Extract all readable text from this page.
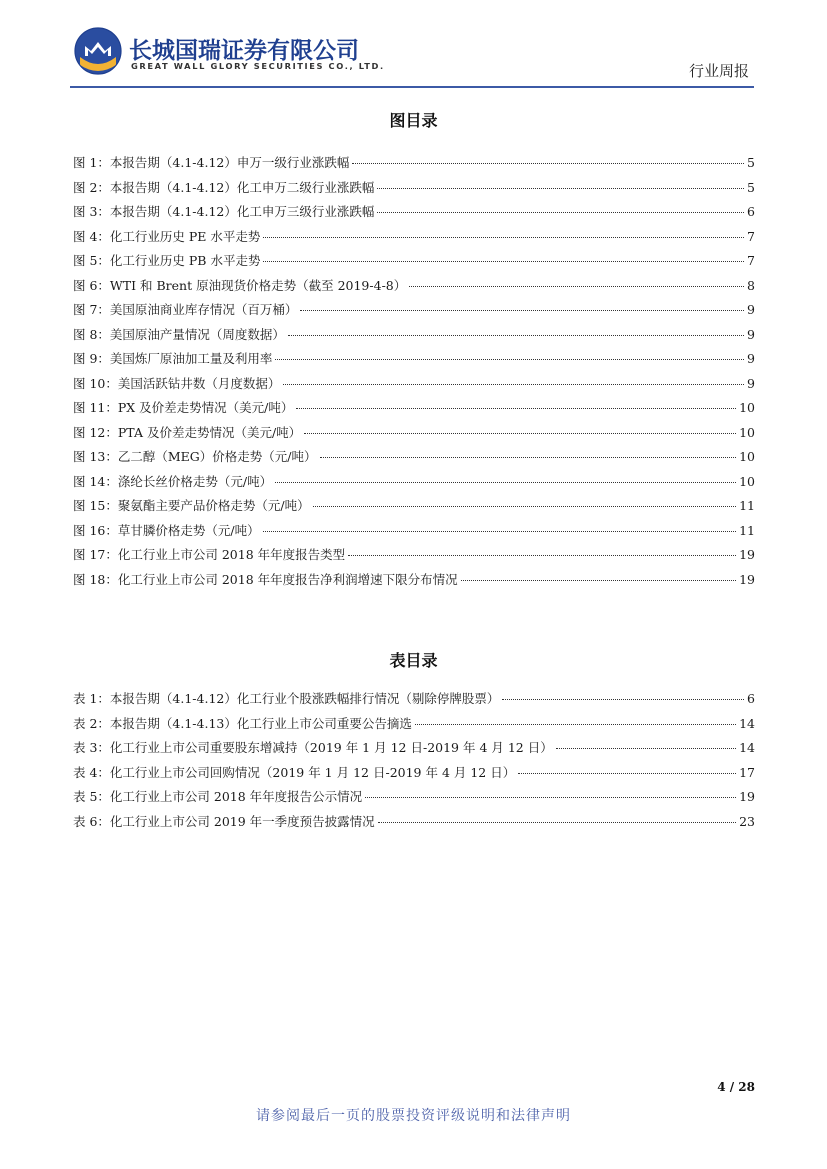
长城国瑞证券有限公司
GREAT WALL GLORY SECURITIES CO., LTD.	行业周报
图目录
图 1：本报告期（4.1-4.12）申万一级行业涨跌幅	5
图 2：本报告期（4.1-4.12）化工申万二级行业涨跌幅	5
图 3：本报告期（4.1-4.12）化工申万三级行业涨跌幅	6
图 4：化工行业历史 PE 水平走势	7
图 5：化工行业历史 PB 水平走势	7
图 6：WTI 和 Brent 原油现货价格走势（截至 2019-4-8）	8
图 7：美国原油商业库存情况（百万桶）	9
图 8：美国原油产量情况（周度数据）	9
图 9：美国炼厂原油加工量及利用率	9
图 10：美国活跃钻井数（月度数据）	9
图 11：PX 及价差走势情况（美元/吨）	10
图 12：PTA 及价差走势情况（美元/吨）	10
图 13：乙二醇（MEG）价格走势（元/吨）	10
图 14：涤纶长丝价格走势（元/吨）	10
图 15：聚氨酯主要产品价格走势（元/吨）	11
图 16：草甘膦价格走势（元/吨）	11
图 17：化工行业上市公司 2018 年年度报告类型	19
图 18：化工行业上市公司 2018 年年度报告净利润增速下限分布情况	19
表目录
表 1：本报告期（4.1-4.12）化工行业个股涨跌幅排行情况（剔除停牌股票）	6
表 2：本报告期（4.1-4.13）化工行业上市公司重要公告摘选	14
表 3：化工行业上市公司重要股东增减持（2019 年 1 月 12 日-2019 年 4 月 12 日）	14
表 4：化工行业上市公司回购情况（2019 年 1 月 12 日-2019 年 4 月 12 日）	17
表 5：化工行业上市公司 2018 年年度报告公示情况	19
表 6：化工行业上市公司 2019 年一季度预告披露情况	23
4 / 28
请参阅最后一页的股票投资评级说明和法律声明
